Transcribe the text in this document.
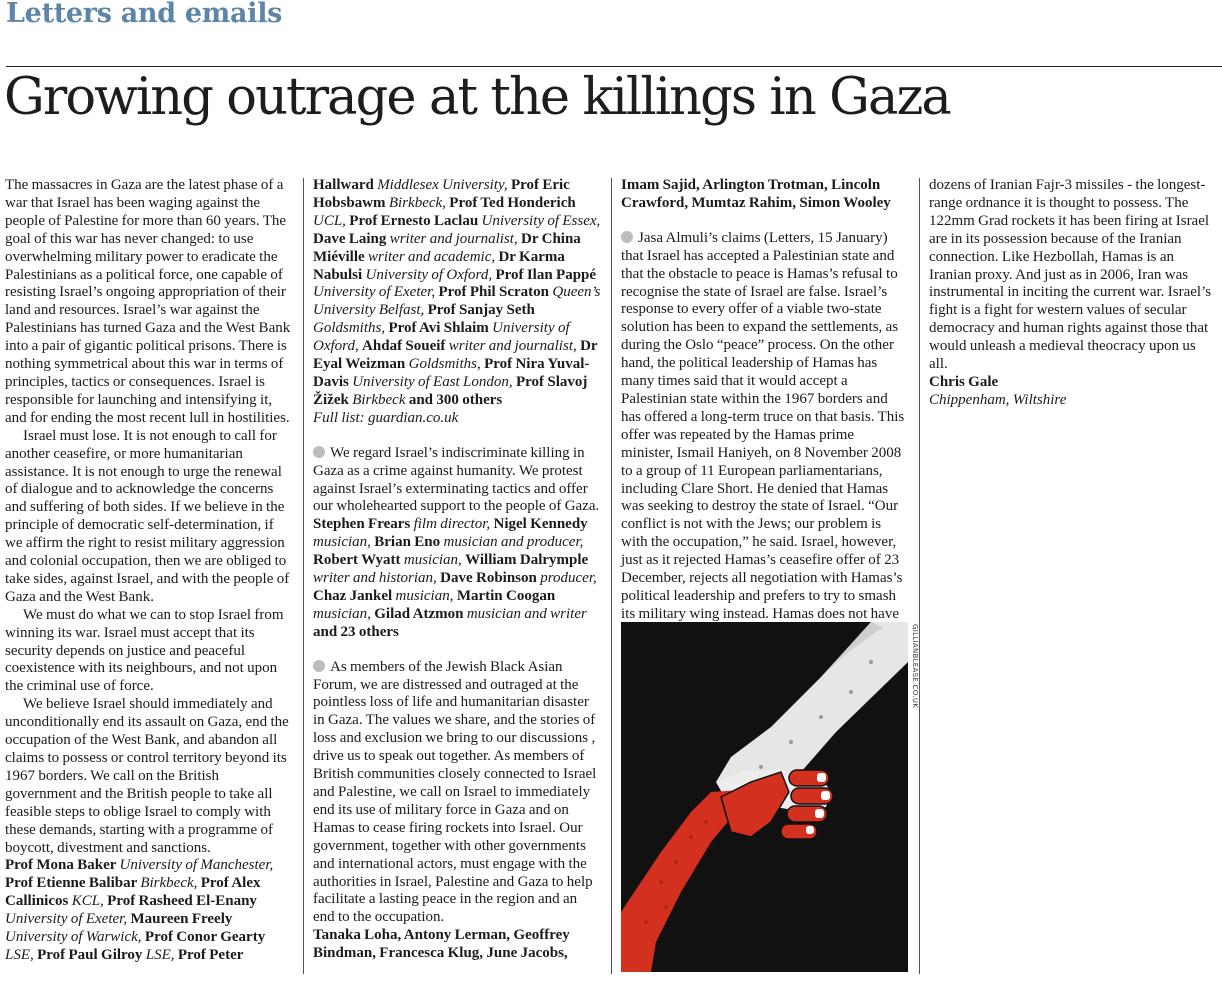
Letters and emails
Growing outrage at the killings in Gaza

The massacres in Gaza are the latest phase of a war that Israel has been waging against the people of Palestine for more than 60 years. The goal of this war has never changed: to use overwhelming military power to eradicate the Palestinians as a political force, one capable of resisting Israel’s ongoing appropriation of their land and resources. Israel’s war against the Palestinians has turned Gaza and the West Bank into a pair of gigantic political prisons. There is nothing symmetrical about this war in terms of principles, tactics or consequences. Israel is responsible for launching and intensifying it, and for ending the most recent lull in hostilities.

Israel must lose. It is not enough to call for another ceasefire, or more humanitarian assistance. It is not enough to urge the renewal of dialogue and to acknowledge the concerns and suffering of both sides. If we believe in the principle of democratic self-determination, if we affirm the right to resist military aggression and colonial occupation, then we are obliged to take sides, against Israel, and with the people of Gaza and the West Bank.

We must do what we can to stop Israel from winning its war. Israel must accept that its security depends on justice and peaceful coexistence with its neighbours, and not upon the criminal use of force.

We believe Israel should immediately and unconditionally end its assault on Gaza, end the occupation of the West Bank, and abandon all claims to possess or control territory beyond its 1967 borders. We call on the British government and the British people to take all feasible steps to oblige Israel to comply with these demands, starting with a programme of boycott, divestment and sanctions.

Prof Mona Baker University of Manchester, Prof Etienne Balibar Birkbeck, Prof Alex Callinicos KCL, Prof Rasheed El-Enany University of Exeter, Maureen Freely University of Warwick, Prof Conor Gearty LSE, Prof Paul Gilroy LSE, Prof Peter Hallward Middlesex University, Prof Eric Hobsbawm Birkbeck, Prof Ted Honderich UCL, Prof Ernesto Laclau University of Essex, Dave Laing writer and journalist, Dr China Miéville writer and academic, Dr Karma Nabulsi University of Oxford, Prof Ilan Pappé University of Exeter, Prof Phil Scraton Queen’s University Belfast, Prof Sanjay Seth Goldsmiths, Prof Avi Shlaim University of Oxford, Ahdaf Soueif writer and journalist, Dr Eyal Weizman Goldsmiths, Prof Nira Yuval-Davis University of East London, Prof Slavoj Žižek Birkbeck and 300 others
Full list: guardian.co.uk

We regard Israel’s indiscriminate killing in Gaza as a crime against humanity. We protest against Israel’s exterminating tactics and offer our wholehearted support to the people of Gaza.

Stephen Frears film director, Nigel Kennedy musician, Brian Eno musician and producer, Robert Wyatt musician, William Dalrymple writer and historian, Dave Robinson producer, Chaz Jankel musician, Martin Coogan musician, Gilad Atzmon musician and writer and 23 others

As members of the Jewish Black Asian Forum, we are distressed and outraged at the pointless loss of life and humanitarian disaster in Gaza. The values we share, and the stories of loss and exclusion we bring to our discussions , drive us to speak out together. As members of British communities closely connected to Israel and Palestine, we call on Israel to immediately end its use of military force in Gaza and on Hamas to cease firing rockets into Israel. Our government, together with other governments and international actors, must engage with the authorities in Israel, Palestine and Gaza to help facilitate a lasting peace in the region and an end to the occupation.

Tanaka Loha, Antony Lerman, Geoffrey Bindman, Francesca Klug, June Jacobs, Imam Sajid, Arlington Trotman, Lincoln Crawford, Mumtaz Rahim, Simon Wooley

Jasa Almuli’s claims (Letters, 15 January) that Israel has accepted a Palestinian state and that the obstacle to peace is Hamas’s refusal to recognise the state of Israel are false. Israel’s response to every offer of a viable two-state solution has been to expand the settlements, as during the Oslo “peace” process. On the other hand, the political leadership of Hamas has many times said that it would accept a Palestinian state within the 1967 borders and has offered a long-term truce on that basis. This offer was repeated by the Hamas prime minister, Ismail Haniyeh, on 8 November 2008 to a group of 11 European parliamentarians, including Clare Short. He denied that Hamas was seeking to destroy the state of Israel. “Our conflict is not with the Jews; our problem is with the occupation,” he said. Israel, however, just as it rejected Hamas’s ceasefire offer of 23 December, rejects all negotiation with Hamas’s political leadership and prefers to try to smash its military wing instead. Hamas does not have

dozens of Iranian Fajr-3 missiles - the longest-range ordnance it is thought to possess. The 122mm Grad rockets it has been firing at Israel are in its possession because of the Iranian connection. Like Hezbollah, Hamas is an Iranian proxy. And just as in 2006, Iran was instrumental in inciting the current war. Israel’s fight is a fight for western values of secular democracy and human rights against those that would unleash a medieval theocracy upon us all.

Chris Gale

Chippenham, Wiltshire

GILLIANBLEASE.CO.UK
